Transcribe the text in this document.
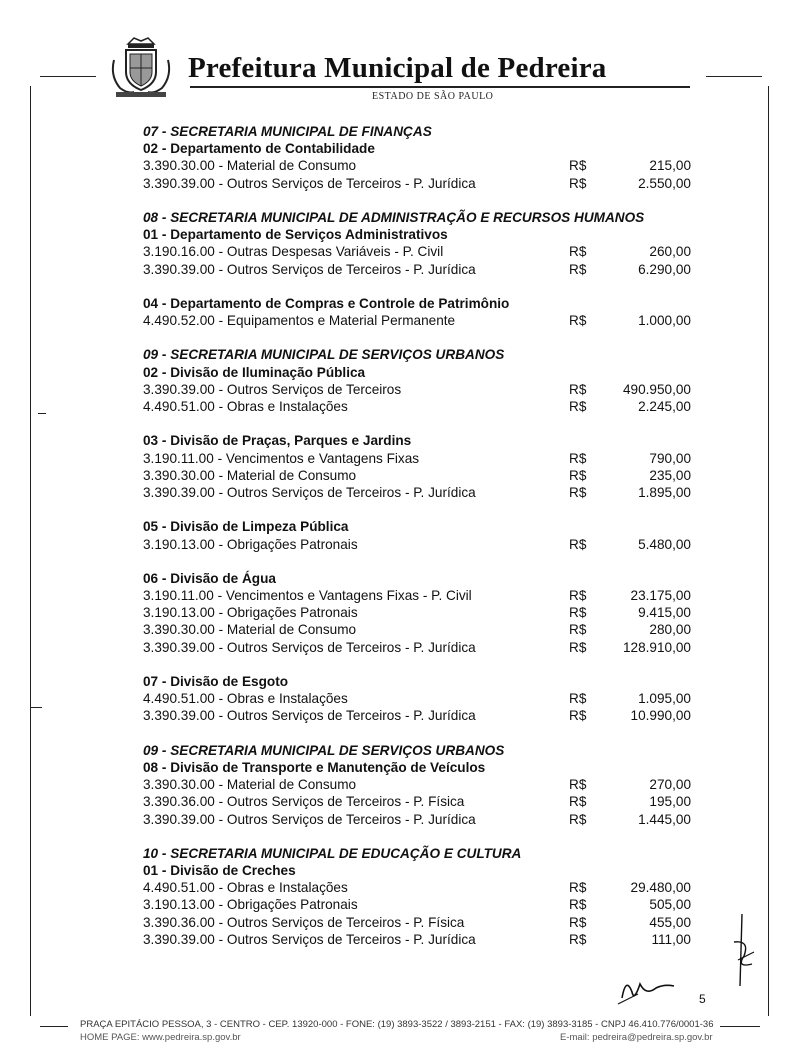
Prefeitura Municipal de Pedreira
ESTADO DE SÃO PAULO
07 - SECRETARIA MUNICIPAL DE FINANÇAS
02 - Departamento de Contabilidade
3.390.30.00 - Material de Consumo	R$	215,00
3.390.39.00 - Outros Serviços de Terceiros - P. Jurídica	R$	2.550,00
08 - SECRETARIA MUNICIPAL DE ADMINISTRAÇÃO E RECURSOS HUMANOS
01 - Departamento de Serviços Administrativos
3.190.16.00 - Outras Despesas Variáveis - P. Civil	R$	260,00
3.390.39.00 - Outros Serviços de Terceiros - P. Jurídica	R$	6.290,00
04 - Departamento de Compras e Controle de Patrimônio
4.490.52.00 - Equipamentos e Material Permanente	R$	1.000,00
09 - SECRETARIA MUNICIPAL DE SERVIÇOS URBANOS
02 - Divisão de Iluminação Pública
3.390.39.00 - Outros Serviços de Terceiros	R$	490.950,00
4.490.51.00 - Obras e Instalações	R$	2.245,00
03 - Divisão de Praças, Parques e Jardins
3.190.11.00 - Vencimentos e Vantagens Fixas	R$	790,00
3.390.30.00 - Material de Consumo	R$	235,00
3.390.39.00 - Outros Serviços de Terceiros - P. Jurídica	R$	1.895,00
05 - Divisão de Limpeza Pública
3.190.13.00 - Obrigações Patronais	R$	5.480,00
06 - Divisão de Água
3.190.11.00 - Vencimentos e Vantagens Fixas - P. Civil	R$	23.175,00
3.190.13.00 - Obrigações Patronais	R$	9.415,00
3.390.30.00 - Material de Consumo	R$	280,00
3.390.39.00 - Outros Serviços de Terceiros - P. Jurídica	R$	128.910,00
07 - Divisão de Esgoto
4.490.51.00 - Obras e Instalações	R$	1.095,00
3.390.39.00 - Outros Serviços de Terceiros - P. Jurídica	R$	10.990,00
09 - SECRETARIA MUNICIPAL DE SERVIÇOS URBANOS
08 - Divisão de Transporte e Manutenção de Veículos
3.390.30.00 - Material de Consumo	R$	270,00
3.390.36.00 - Outros Serviços de Terceiros - P. Física	R$	195,00
3.390.39.00 - Outros Serviços de Terceiros - P. Jurídica	R$	1.445,00
10 - SECRETARIA MUNICIPAL DE EDUCAÇÃO E CULTURA
01 - Divisão de Creches
4.490.51.00 - Obras e Instalações	R$	29.480,00
3.190.13.00 - Obrigações Patronais	R$	505,00
3.390.36.00 - Outros Serviços de Terceiros - P. Física	R$	455,00
3.390.39.00 - Outros Serviços de Terceiros - P. Jurídica	R$	111,00
5
PRAÇA EPITÁCIO PESSOA, 3 - CENTRO - CEP. 13920-000 - FONE: (19) 3893-3522 / 3893-2151 - FAX: (19) 3893-3185 - CNPJ 46.410.776/0001-36
HOME PAGE: www.pedreira.sp.gov.br	E-mail: pedreira@pedreira.sp.gov.br
